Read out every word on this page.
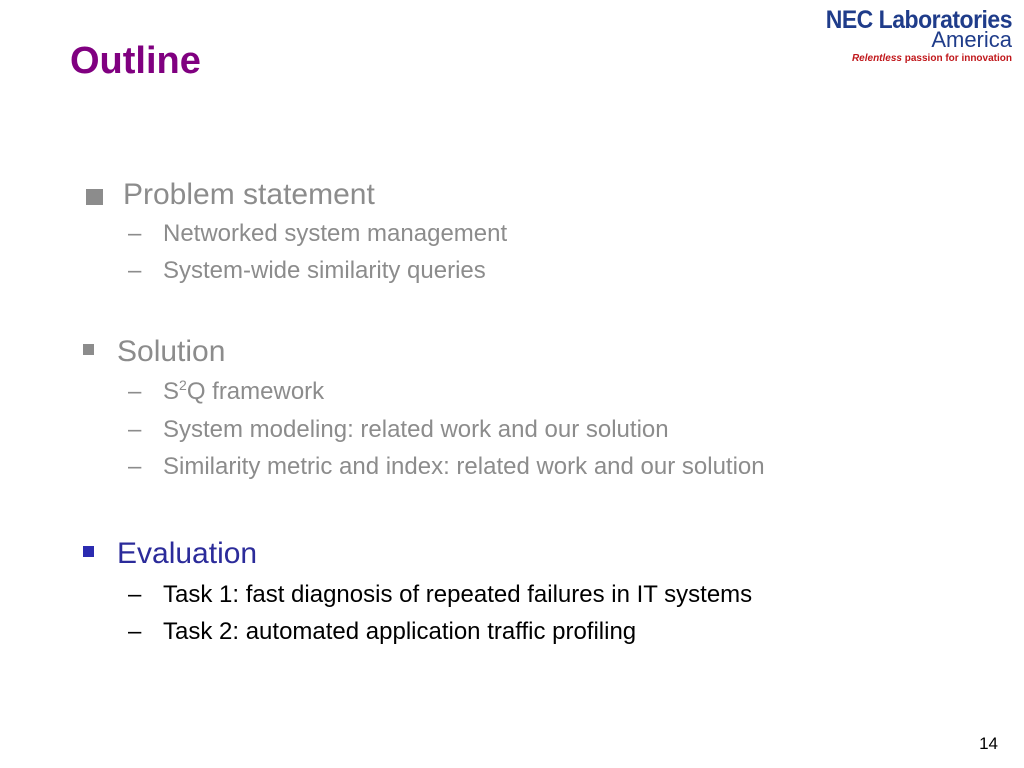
Outline
NEC Laboratories
America
Relentless passion for innovation
Problem statement
– Networked system management
– System-wide similarity queries
Solution
– $S^2Q$ framework
– System modeling: related work and our solution
– Similarity metric and index: related work and our solution
Evaluation
– Task 1: fast diagnosis of repeated failures in IT systems
– Task 2: automated application traffic profiling
14
